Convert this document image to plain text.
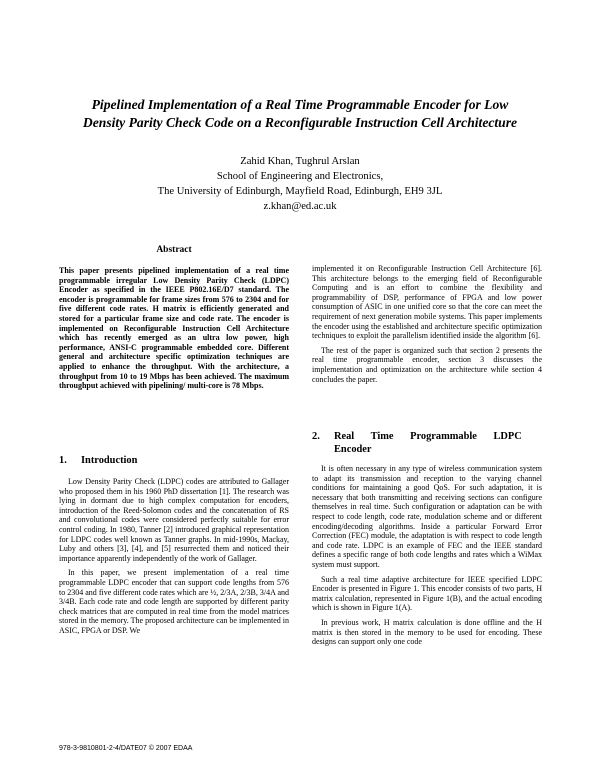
Pipelined Implementation of a Real Time Programmable Encoder for Low
Density Parity Check Code on a Reconfigurable Instruction Cell Architecture
Zahid Khan, Tughrul Arslan
School of Engineering and Electronics,
The University of Edinburgh, Mayfield Road, Edinburgh, EH9 3JL
z.khan@ed.ac.uk
Abstract
This paper presents pipelined implementation of a real time programmable irregular Low Density Parity Check (LDPC) Encoder as specified in the IEEE P802.16E/D7 standard. The encoder is programmable for frame sizes from 576 to 2304 and for five different code rates. H matrix is efficiently generated and stored for a particular frame size and code rate. The encoder is implemented on Reconfigurable Instruction Cell Architecture which has recently emerged as an ultra low power, high performance, ANSI-C programmable embedded core. Different general and architecture specific optimization techniques are applied to enhance the throughput. With the architecture, a throughput from 10 to 19 Mbps has been achieved. The maximum throughput achieved with pipelining/ multi-core is 78 Mbps.
1. Introduction

Low Density Parity Check (LDPC) codes are attributed to Gallager who proposed them in his 1960 PhD dissertation [1]. The research was lying in dormant due to high complex computation for encoders, introduction of the Reed-Solomon codes and the concatenation of RS and convolutional codes were considered perfectly suitable for error control coding. In 1980, Tanner [2] introduced graphical representation for LDPC codes well known as Tanner graphs. In mid-1990s, Mackay, Luby and others [3], [4], and [5] resurrected them and noticed their importance apparently independently of the work of Gallager.

In this paper, we present implementation of a real time programmable LDPC encoder that can support code lengths from 576 to 2304 and five different code rates which are ½, 2/3A, 2/3B, 3/4A and 3/4B. Each code rate and code length are supported by different parity check matrices that are computed in real time from the model matrices stored in the memory. The proposed architecture can be implemented in ASIC, FPGA or DSP. We

implemented it on Reconfigurable Instruction Cell Architecture [6]. This architecture belongs to the emerging field of Reconfigurable Computing and is an effort to combine the flexibility and programmability of DSP, performance of FPGA and low power consumption of ASIC in one unified core so that the core can meet the requirement of next generation mobile systems. This paper implements the encoder using the established and architecture specific optimization techniques to exploit the parallelism identified inside the algorithm [6].

The rest of the paper is organized such that section 2 presents the real time programmable encoder, section 3 discusses the implementation and optimization on the architecture while section 4 concludes the paper.

2. Real Time Programmable LDPC
Encoder

It is often necessary in any type of wireless communication system to adapt its transmission and reception to the varying channel conditions for maintaining a good QoS. For such adaptation, it is necessary that both transmitting and receiving sections can configure themselves in real time. Such configuration or adaptation can be with respect to code length, code rate, modulation scheme and or different encoding/decoding algorithms. Inside a particular Forward Error Correction (FEC) module, the adaptation is with respect to code length and code rate. LDPC is an example of FEC and the IEEE standard defines a specific range of both code lengths and rates which a WiMax system must support.

Such a real time adaptive architecture for IEEE specified LDPC Encoder is presented in Figure 1. This encoder consists of two parts, H matrix calculation, represented in Figure 1(B), and the actual encoding which is shown in Figure 1(A).

In previous work, H matrix calculation is done offline and the H matrix is then stored in the memory to be used for encoding. These designs can support only one code

978-3-9810801-2-4/DATE07 © 2007 EDAA
